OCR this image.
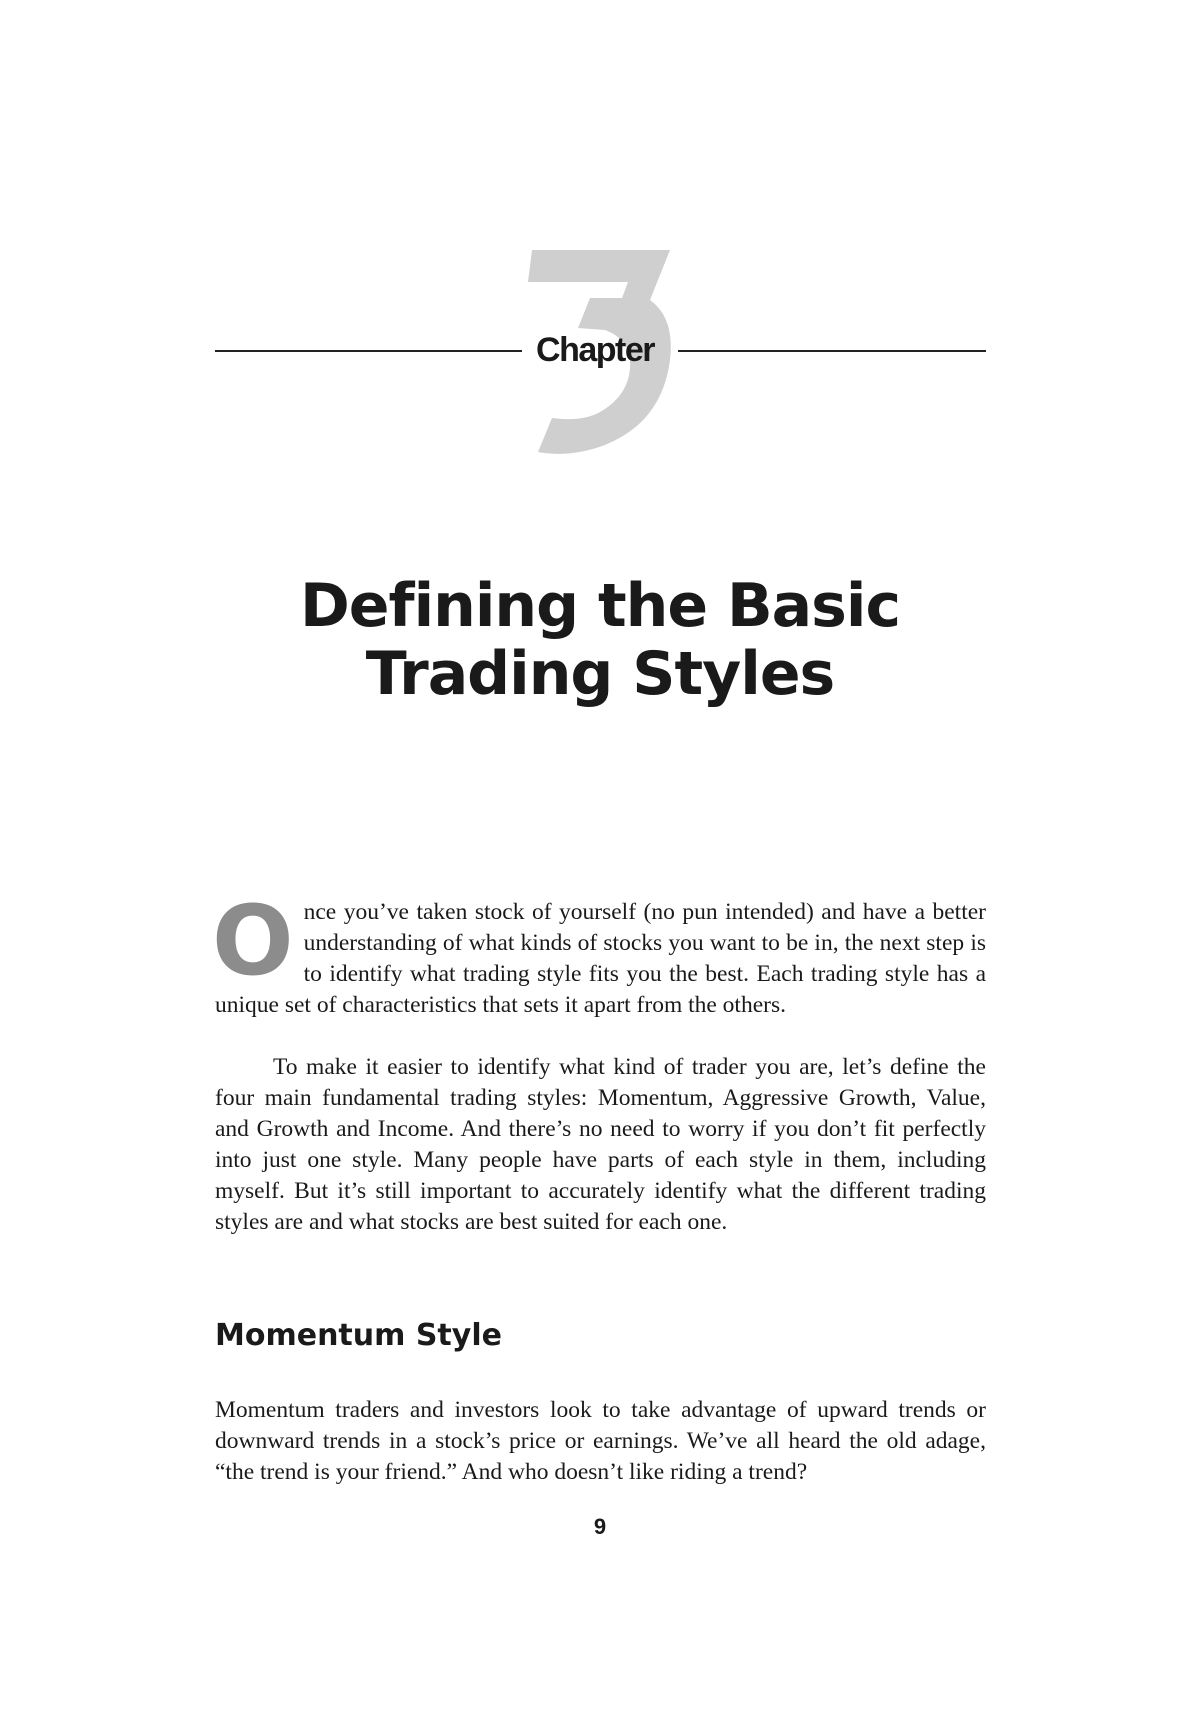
Chapter
Defining the Basic
Trading Styles

Once you’ve taken stock of yourself (no pun intended) and have a better understanding of what kinds of stocks you want to be in, the next step is to identify what trading style fits you the best. Each trading style has a unique set of characteristics that sets it apart from the others.

To make it easier to identify what kind of trader you are, let’s define the four main fundamental trading styles: Momentum, Aggressive Growth, Value, and Growth and Income. And there’s no need to worry if you don’t fit perfectly into just one style. Many people have parts of each style in them, including myself. But it’s still important to accurately identify what the different trading styles are and what stocks are best suited for each one.

Momentum Style

Momentum traders and investors look to take advantage of upward trends or downward trends in a stock’s price or earnings. We’ve all heard the old adage, “the trend is your friend.” And who doesn’t like riding a trend?

9
